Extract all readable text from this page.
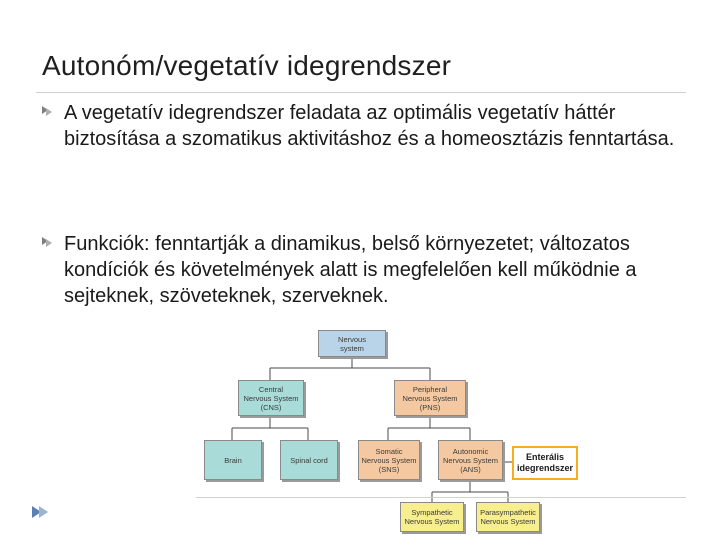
Autonóm/vegetatív idegrendszer
A vegetatív idegrendszer feladata az optimális vegetatív háttér biztosítása a szomatikus aktivitáshoz és a homeosztázis fenntartása.
Funkciók: fenntartják a dinamikus, belső környezetet; változatos kondíciók és követelmények alatt is megfelelően kell működnie a sejteknek, szöveteknek, szerveknek.
Nervous
system
Central
Nervous System
(CNS)
Peripheral
Nervous System
(PNS)
Brain	Spinal cord
Somatic
Nervous System
(SNS)
Autonomic
Nervous System
(ANS)
Enterális
idegrendszer
Sympathetic
Nervous System
Parasympathetic
Nervous System
